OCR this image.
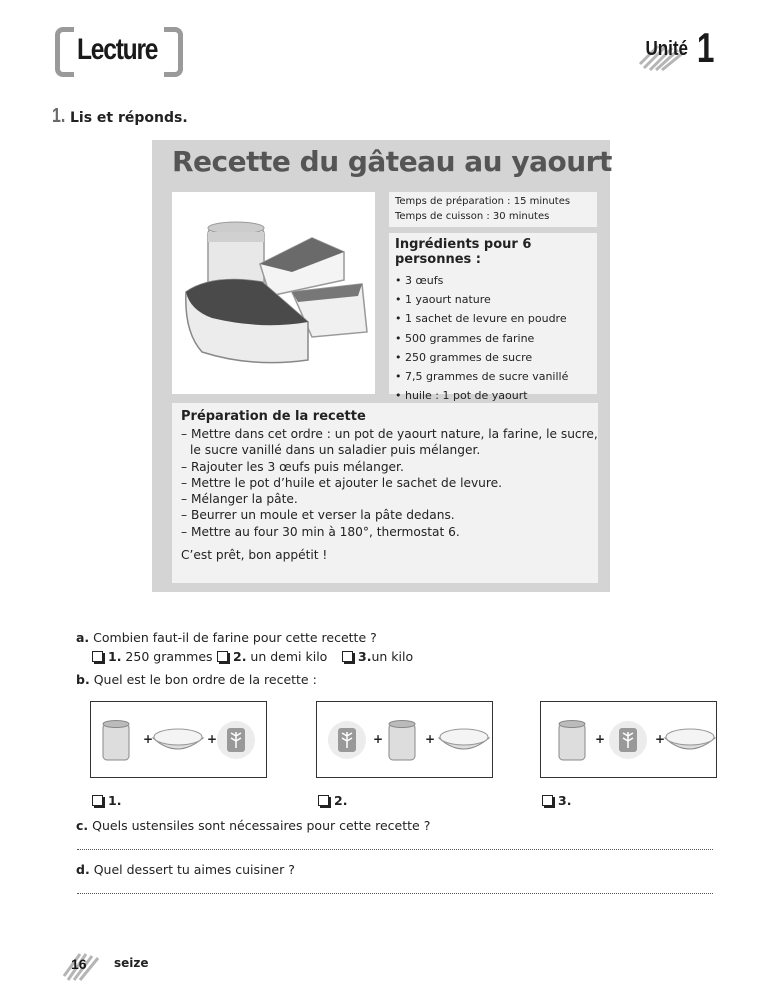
Lecture	Unité 1
1. Lis et réponds.
Recette du gâteau au yaourt
Temps de préparation : 15 minutes
Temps de cuisson : 30 minutes
Ingrédients pour 6 personnes :
• 3 œufs
• 1 yaourt nature
• 1 sachet de levure en poudre
• 500 grammes de farine
• 250 grammes de sucre
• 7,5 grammes de sucre vanillé
• huile : 1 pot de yaourt
Préparation de la recette
– Mettre dans cet ordre : un pot de yaourt nature, la farine, le sucre,
le sucre vanillé dans un saladier puis mélanger.
– Rajouter les 3 œufs puis mélanger.
– Mettre le pot d’huile et ajouter le sachet de levure.
– Mélanger la pâte.
– Beurrer un moule et verser la pâte dedans.
– Mettre au four 30 min à 180°, thermostat 6.
C’est prêt, bon appétit !
a. Combien faut-il de farine pour cette recette ?
1. 250 grammes	2. un demi kilo	3.un kilo
b. Quel est le bon ordre de la recette :
+	+	+	+	+	+
1.	2.	3.
c. Quels ustensiles sont nécessaires pour cette recette ?
d. Quel dessert tu aimes cuisiner ?
16 seize
